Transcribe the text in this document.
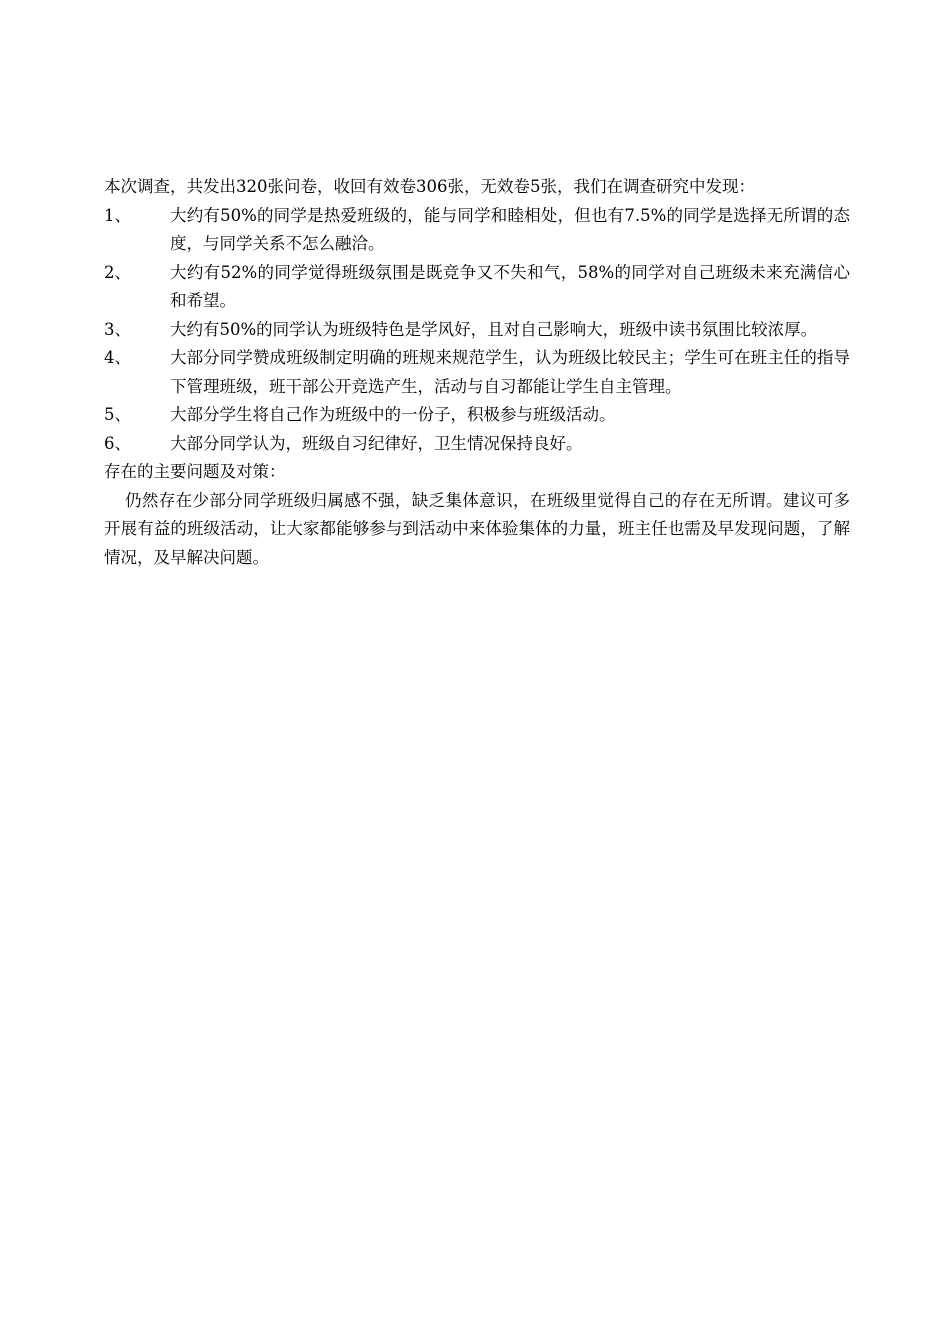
本次调查，共发出320张问卷，收回有效卷306张，无效卷5张，我们在调查研究中发现：
1、	大约有50%的同学是热爱班级的，能与同学和睦相处，但也有7.5%的同学是选择无所谓的态度，与同学关系不怎么融洽。
2、	大约有52%的同学觉得班级氛围是既竞争又不失和气，58%的同学对自己班级未来充满信心和希望。
3、	大约有50%的同学认为班级特色是学风好，且对自己影响大，班级中读书氛围比较浓厚。
4、	大部分同学赞成班级制定明确的班规来规范学生，认为班级比较民主；学生可在班主任的指导下管理班级，班干部公开竞选产生，活动与自习都能让学生自主管理。
5、	大部分学生将自己作为班级中的一份子，积极参与班级活动。
6、	大部分同学认为，班级自习纪律好，卫生情况保持良好。
存在的主要问题及对策：
仍然存在少部分同学班级归属感不强，缺乏集体意识，在班级里觉得自己的存在无所谓。建议可多开展有益的班级活动，让大家都能够参与到活动中来体验集体的力量，班主任也需及早发现问题，了解情况，及早解决问题。
